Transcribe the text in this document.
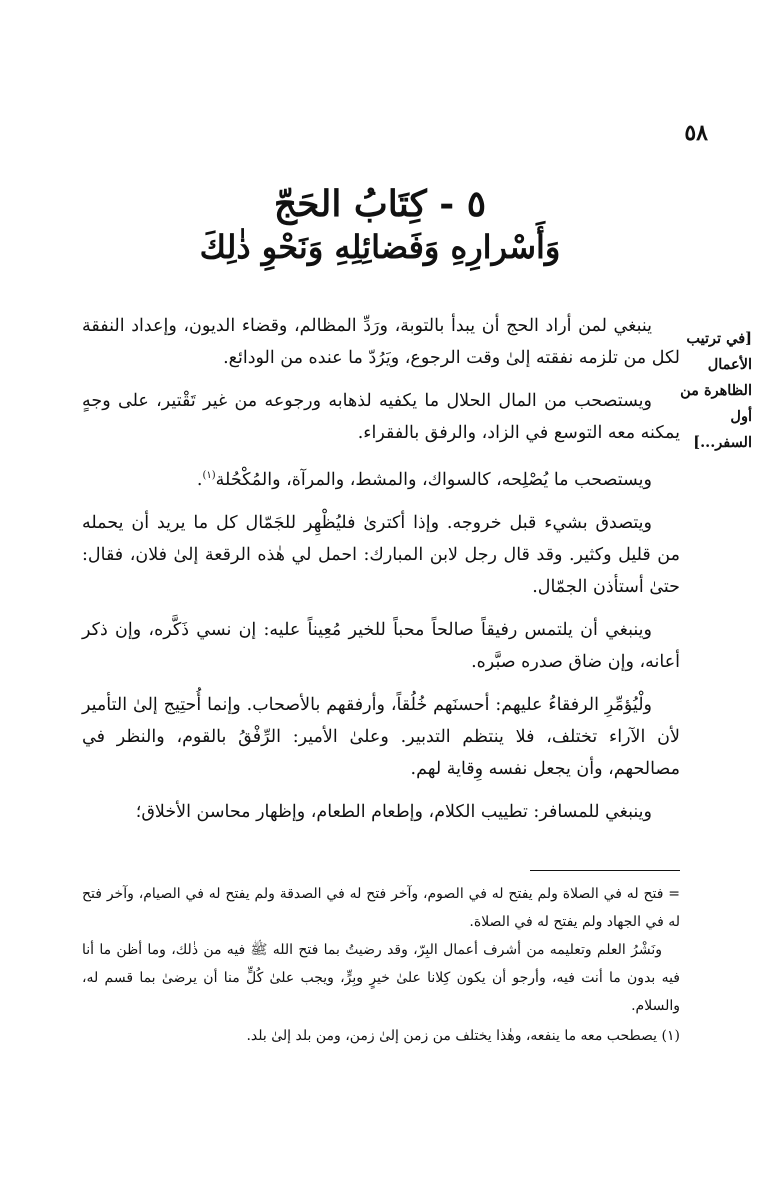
٥٨
٥ - كِتَابُ الحَجّ
وَأَسْرارِهِ وَفَضائِلِهِ وَنَحْوِ ذٰلِكَ
[في ترتيب الأعمال الظاهرة من أول السفر...]

ينبغي لمن أراد الحج أن يبدأ بالتوبة، ورَدِّ المظالم، وقضاء الديون، وإعداد النفقة لكل من تلزمه نفقته إلىٰ وقت الرجوع، ويَرُدّ ما عنده من الودائع.

ويستصحب من المال الحلال ما يكفيه لذهابه ورجوعه من غير تَقْتير، على وجهٍ يمكنه معه التوسع في الزاد، والرفق بالفقراء.

ويستصحب ما يُصْلِحه، كالسواك، والمشط، والمرآة، والمُكْحُلة$^{(١)}$.

ويتصدق بشيء قبل خروجه. وإذا أكترىٰ فليُظْهِر للجَمّال كل ما يريد أن يحمله من قليل وكثير. وقد قال رجل لابن المبارك: احمل لي هٰذه الرقعة إلىٰ فلان، فقال: حتىٰ أستأذن الجمّال.

وينبغي أن يلتمس رفيقاً صالحاً محباً للخير مُعِيناً عليه: إن نسي ذَكَّره، وإن ذكر أعانه، وإن ضاق صدره صبَّره.

ولْيُؤمِّرِ الرفقاءُ عليهم: أحسنَهم خُلُقاً، وأرفقهم بالأصحاب. وإنما أُحتِيج إلىٰ التأمير لأن الآراء تختلف، فلا ينتظم التدبير. وعلىٰ الأمير: الرِّفْقُ بالقوم، والنظر في مصالحهم، وأن يجعل نفسه وِقاية لهم.

وينبغي للمسافر: تطييب الكلام، وإطعام الطعام، وإظهار محاسن الأخلاق؛

= فتح له في الصلاة ولم يفتح له في الصوم، وآخر فتح له في الصدقة ولم يفتح له في الصيام، وآخر فتح له في الجهاد ولم يفتح له في الصلاة.

ونَشْرُ العلم وتعليمه من أشرف أعمال البِرّ، وقد رضيتُ بما فتح الله ﷺ فيه من ذٰلك، وما أظن ما أنا فيه بدون ما أنت فيه، وأرجو أن يكون كِلانا علىٰ خيرٍ وبِرٍّ، ويجب علىٰ كُلٍّ منا أن يرضىٰ بما قسم له، والسلام.

(١) يصطحب معه ما ينفعه، وهٰذا يختلف من زمن إلىٰ زمن، ومن بلد إلىٰ بلد.
